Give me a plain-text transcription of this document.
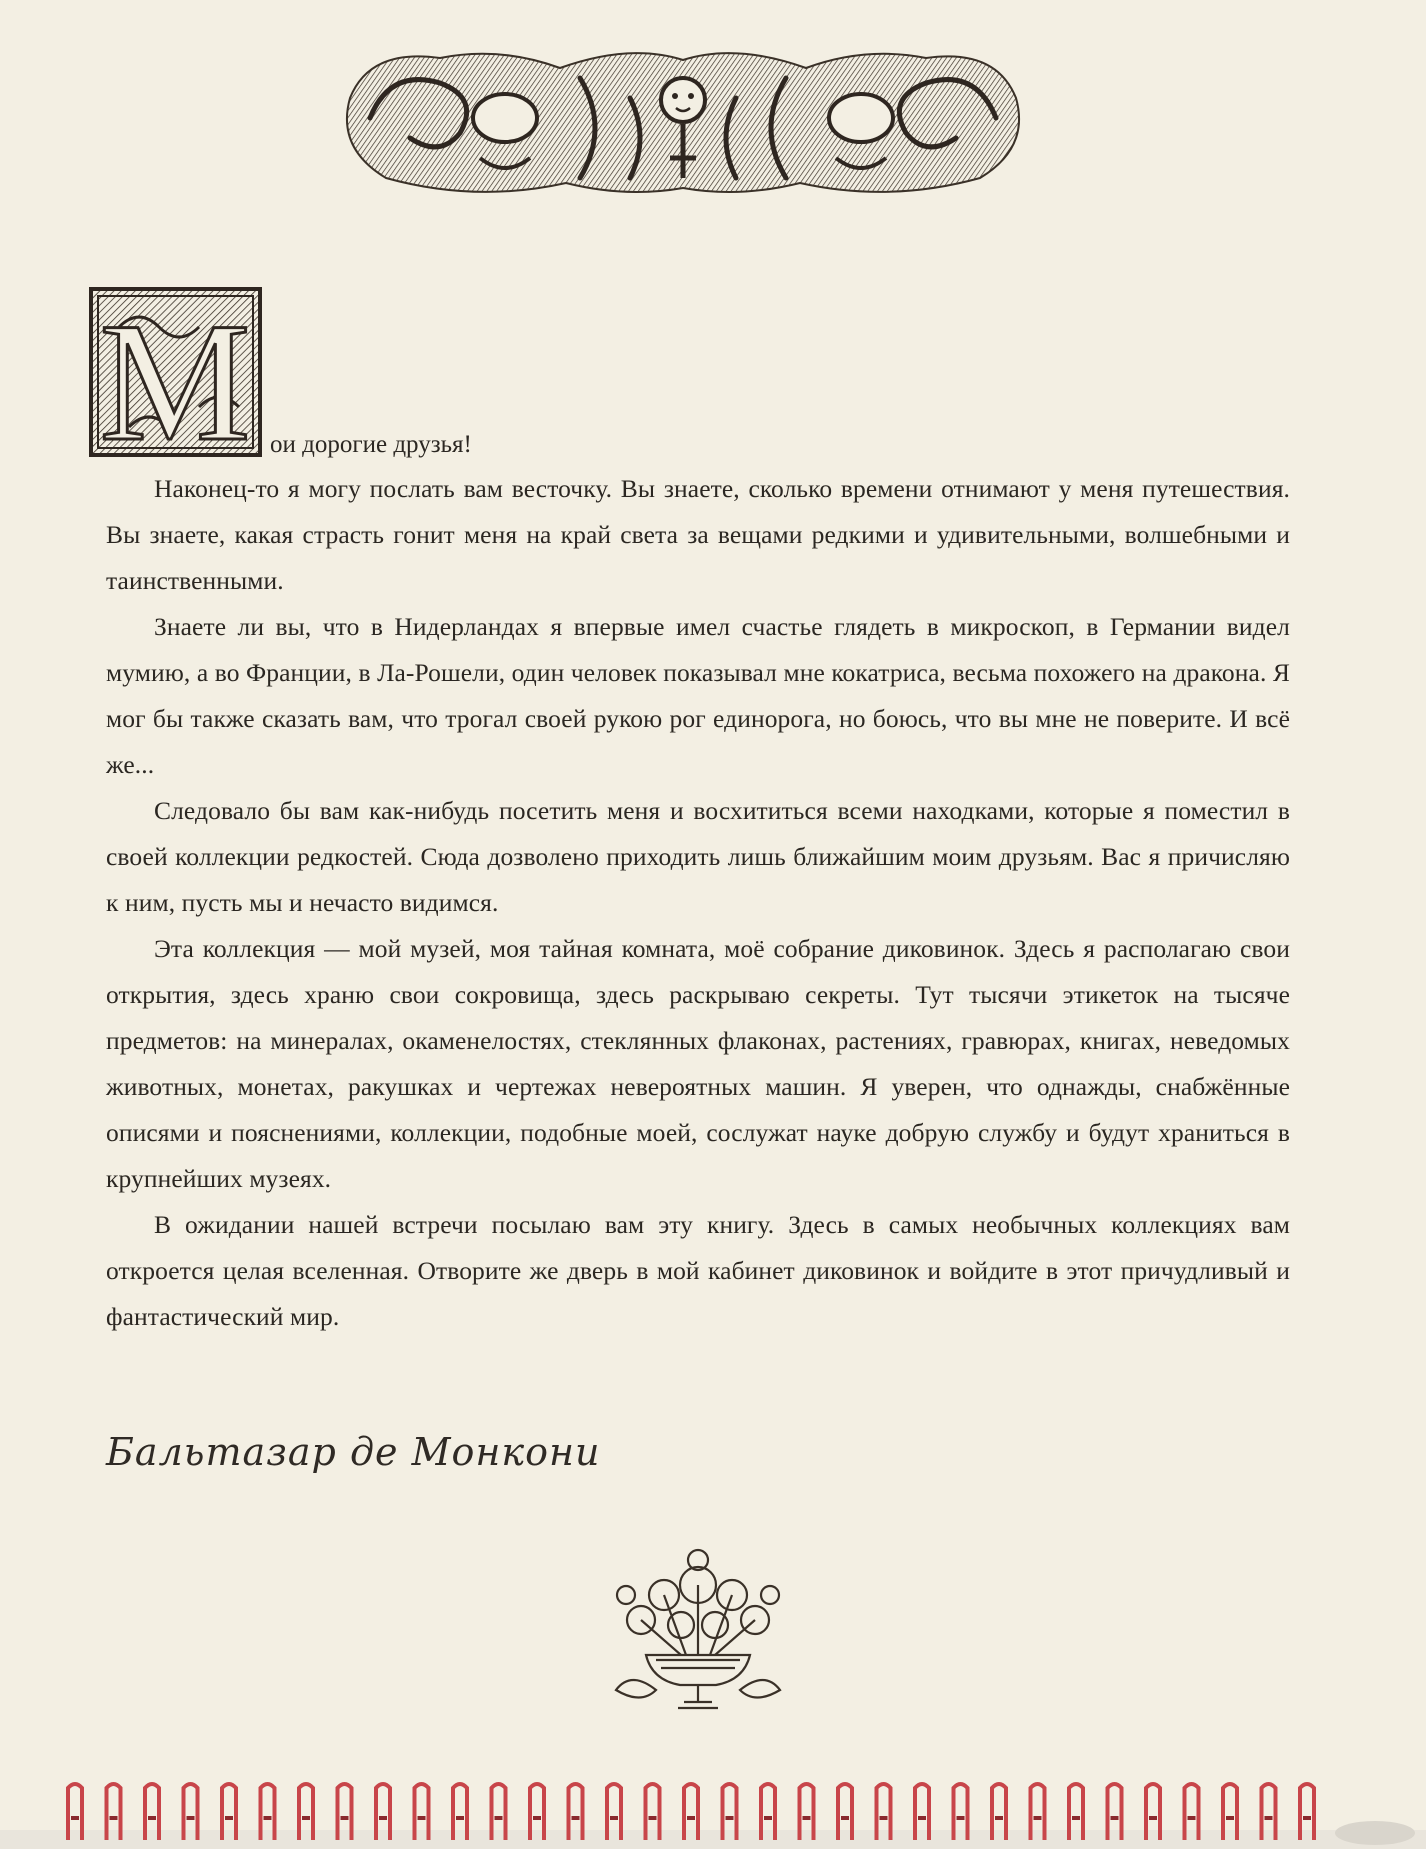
M ои дорогие друзья!

Наконец-то я могу послать вам весточку. Вы знаете, сколько времени отнимают у меня путешествия. Вы знаете, какая страсть гонит меня на край света за вещами редкими и удивительными, волшебными и таинственными.

Знаете ли вы, что в Нидерландах я впервые имел счастье глядеть в микроскоп, в Германии видел мумию, а во Франции, в Ла-Рошели, один человек показывал мне кокатриса, весьма похожего на дракона. Я мог бы также сказать вам, что трогал своей рукою рог единорога, но боюсь, что вы мне не поверите. И всё же...

Следовало бы вам как-нибудь посетить меня и восхититься всеми находками, которые я поместил в своей коллекции редкостей. Сюда дозволено приходить лишь ближайшим моим друзьям. Вас я причисляю к ним, пусть мы и нечасто видимся.

Эта коллекция — мой музей, моя тайная комната, моё собрание диковинок. Здесь я располагаю свои открытия, здесь храню свои сокровища, здесь раскрываю секреты. Тут тысячи этикеток на тысяче предметов: на минералах, окаменелостях, стеклянных флаконах, растениях, гравюрах, книгах, неведомых животных, монетах, ракушках и чертежах невероятных машин. Я уверен, что однажды, снабжённые описями и пояснениями, коллекции, подобные моей, сослужат науке добрую службу и будут храниться в крупнейших музеях.

В ожидании нашей встречи посылаю вам эту книгу. Здесь в самых необычных коллекциях вам откроется целая вселенная. Отворите же дверь в мой кабинет диковинок и войдите в этот причудливый и фантастический мир.

Бальтазар де Монкони
